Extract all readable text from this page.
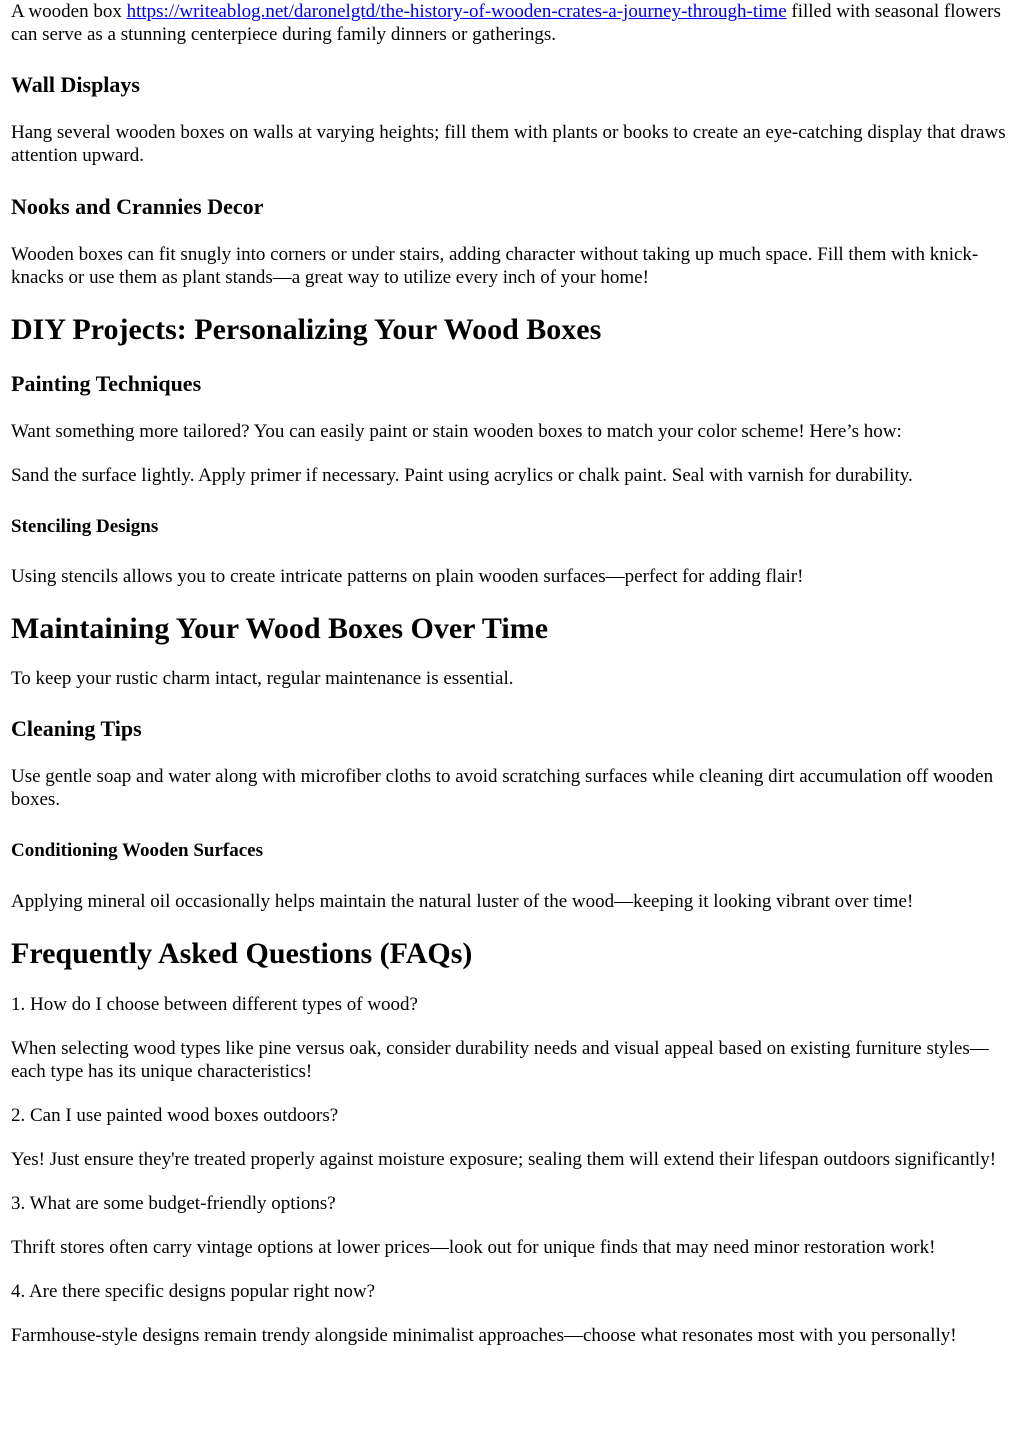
A wooden box https://writeablog.net/daronelgtd/the-history-of-wooden-crates-a-journey-through-time filled with seasonal flowers can serve as a stunning centerpiece during family dinners or gatherings.

Wall Displays

Hang several wooden boxes on walls at varying heights; fill them with plants or books to create an eye-catching display that draws attention upward.

Nooks and Crannies Decor

Wooden boxes can fit snugly into corners or under stairs, adding character without taking up much space. Fill them with knick-knacks or use them as plant stands—a great way to utilize every inch of your home!

DIY Projects: Personalizing Your Wood Boxes
Painting Techniques

Want something more tailored? You can easily paint or stain wooden boxes to match your color scheme! Here’s how:

Sand the surface lightly. Apply primer if necessary. Paint using acrylics or chalk paint. Seal with varnish for durability.

Stenciling Designs

Using stencils allows you to create intricate patterns on plain wooden surfaces—perfect for adding flair!

Maintaining Your Wood Boxes Over Time

To keep your rustic charm intact, regular maintenance is essential.

Cleaning Tips

Use gentle soap and water along with microfiber cloths to avoid scratching surfaces while cleaning dirt accumulation off wooden boxes.

Conditioning Wooden Surfaces

Applying mineral oil occasionally helps maintain the natural luster of the wood—keeping it looking vibrant over time!

Frequently Asked Questions (FAQs)

1. How do I choose between different types of wood?

When selecting wood types like pine versus oak, consider durability needs and visual appeal based on existing furniture styles—each type has its unique characteristics!

2. Can I use painted wood boxes outdoors?

Yes! Just ensure they're treated properly against moisture exposure; sealing them will extend their lifespan outdoors significantly!

3. What are some budget-friendly options?

Thrift stores often carry vintage options at lower prices—look out for unique finds that may need minor restoration work!

4. Are there specific designs popular right now?

Farmhouse-style designs remain trendy alongside minimalist approaches—choose what resonates most with you personally!
